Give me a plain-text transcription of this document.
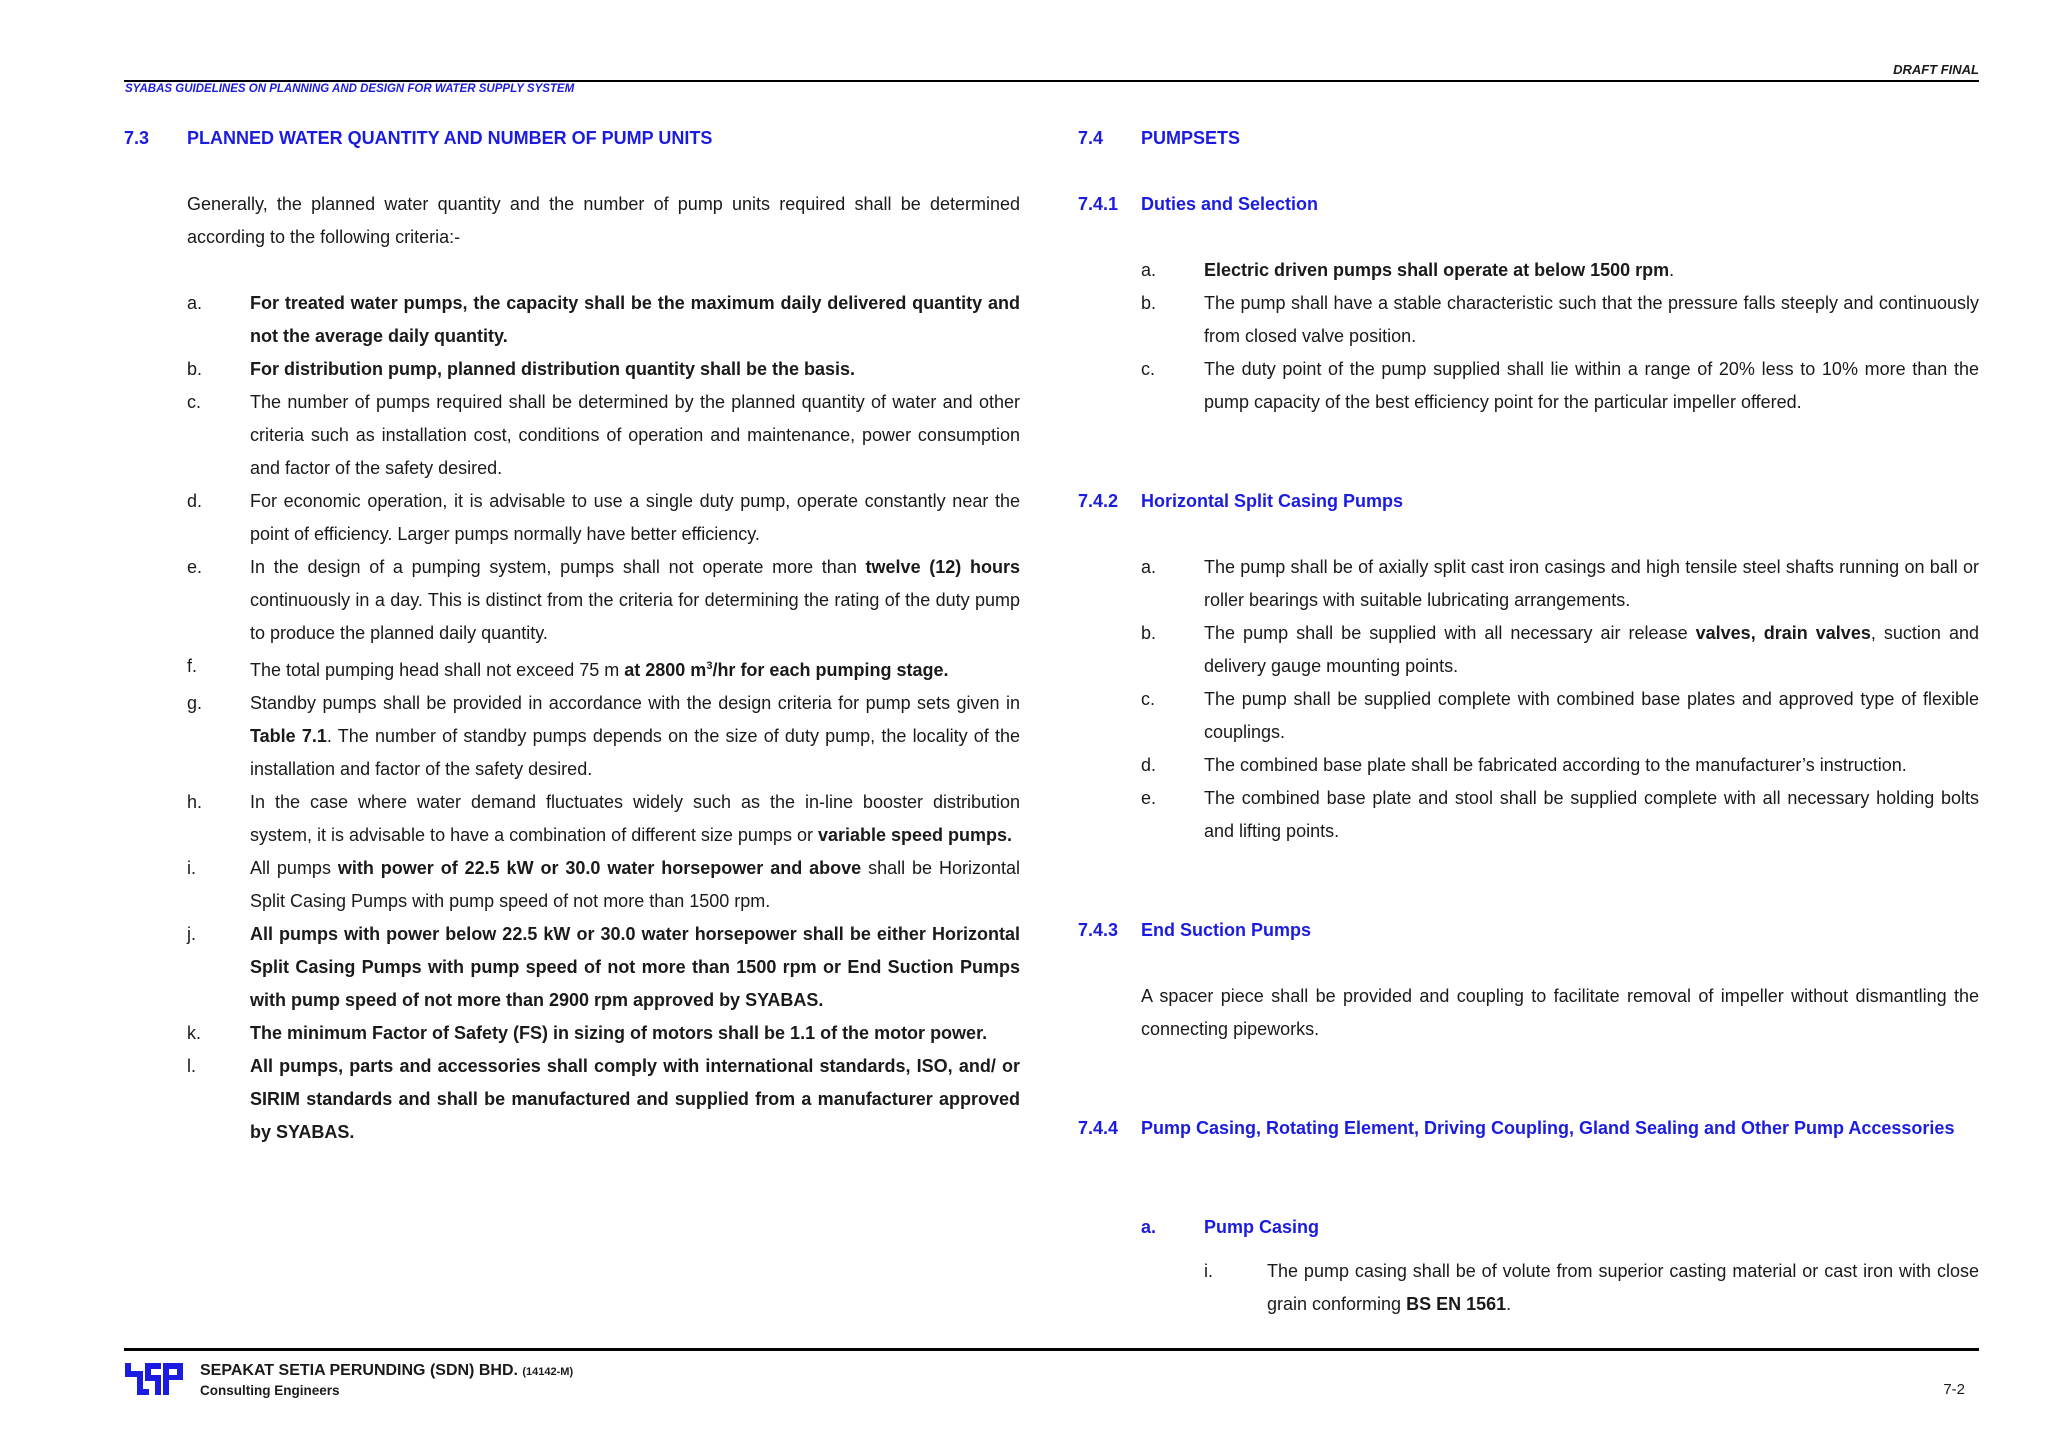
DRAFT FINAL
SYABAS GUIDELINES ON PLANNING AND DESIGN FOR WATER SUPPLY SYSTEM
7.3 PLANNED WATER QUANTITY AND NUMBER OF PUMP UNITS
Generally, the planned water quantity and the number of pump units required shall be determined according to the following criteria:-
a.	For treated water pumps, the capacity shall be the maximum daily delivered quantity and not the average daily quantity.
b.	For distribution pump, planned distribution quantity shall be the basis.
c.	The number of pumps required shall be determined by the planned quantity of water and other criteria such as installation cost, conditions of operation and maintenance, power consumption and factor of the safety desired.
d.	For economic operation, it is advisable to use a single duty pump, operate constantly near the point of efficiency. Larger pumps normally have better efficiency.
e.	In the design of a pumping system, pumps shall not operate more than twelve (12) hours continuously in a day. This is distinct from the criteria for determining the rating of the duty pump to produce the planned daily quantity.
f.	The total pumping head shall not exceed 75 m at 2800 $m^3/hr$ for each pumping stage.
g.	Standby pumps shall be provided in accordance with the design criteria for pump sets given in Table 7.1. The number of standby pumps depends on the size of duty pump, the locality of the installation and factor of the safety desired.
h.	In the case where water demand fluctuates widely such as the in-line booster distribution system, it is advisable to have a combination of different size pumps or variable speed pumps.
i.	All pumps with power of 22.5 kW or 30.0 water horsepower and above shall be Horizontal Split Casing Pumps with pump speed of not more than 1500 rpm.
j.	All pumps with power below 22.5 kW or 30.0 water horsepower shall be either Horizontal Split Casing Pumps with pump speed of not more than 1500 rpm or End Suction Pumps with pump speed of not more than 2900 rpm approved by SYABAS.
k.	The minimum Factor of Safety (FS) in sizing of motors shall be 1.1 of the motor power.
l.	All pumps, parts and accessories shall comply with international standards, ISO, and/ or SIRIM standards and shall be manufactured and supplied from a manufacturer approved by SYABAS.
7.4 PUMPSETS
7.4.1 Duties and Selection
a.	Electric driven pumps shall operate at below 1500 rpm.
b.	The pump shall have a stable characteristic such that the pressure falls steeply and continuously from closed valve position.
c.	The duty point of the pump supplied shall lie within a range of 20% less to 10% more than the pump capacity of the best efficiency point for the particular impeller offered.
7.4.2 Horizontal Split Casing Pumps
a.	The pump shall be of axially split cast iron casings and high tensile steel shafts running on ball or roller bearings with suitable lubricating arrangements.
b.	The pump shall be supplied with all necessary air release valves, drain valves, suction and delivery gauge mounting points.
c.	The pump shall be supplied complete with combined base plates and approved type of flexible couplings.
d.	The combined base plate shall be fabricated according to the manufacturer’s instruction.
e.	The combined base plate and stool shall be supplied complete with all necessary holding bolts and lifting points.
7.4.3 End Suction Pumps
A spacer piece shall be provided and coupling to facilitate removal of impeller without dismantling the connecting pipeworks.
7.4.4 Pump Casing, Rotating Element, Driving Coupling, Gland Sealing and Other Pump Accessories
a.	Pump Casing
i.	The pump casing shall be of volute from superior casting material or cast iron with close grain conforming BS EN 1561.
SEPAKAT SETIA PERUNDING (SDN) BHD. (14142-M)
Consulting Engineers	7-2
